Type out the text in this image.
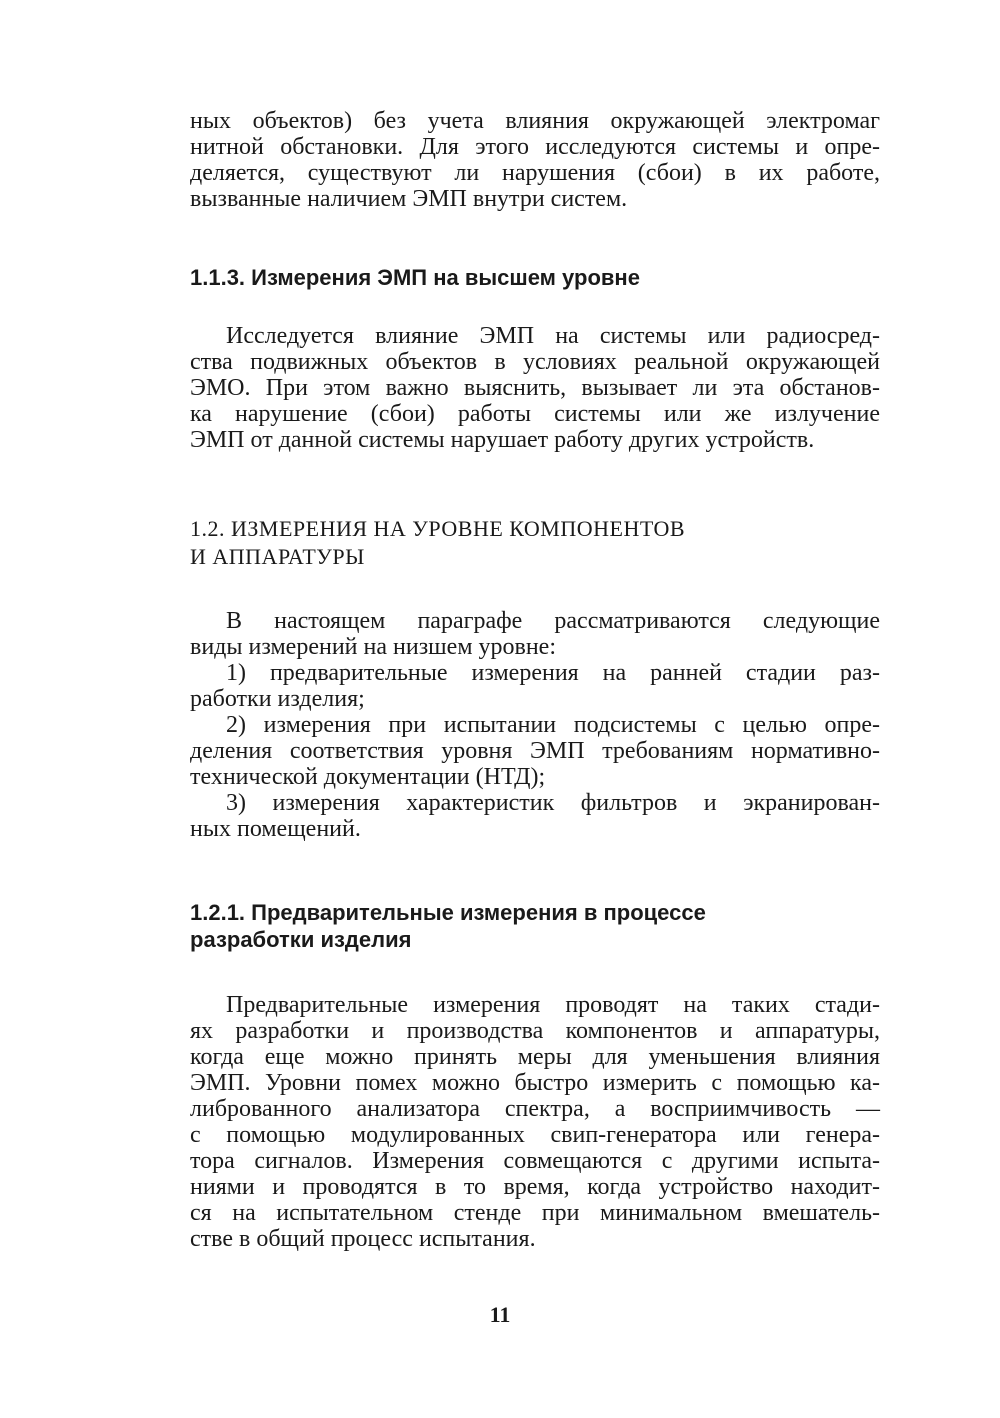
ных объектов) без учета влияния окружающей электромаг
нитной обстановки. Для этого исследуются системы и опре-
деляется, существуют ли нарушения (сбои) в их работе,
вызванные наличием ЭМП внутри систем.
1.1.3. Измерения ЭМП на высшем уровне
Исследуется влияние ЭМП на системы или радиосред-
ства подвижных объектов в условиях реальной окружающей
ЭМО. При этом важно выяснить, вызывает ли эта обстанов-
ка нарушение (сбои) работы системы или же излучение
ЭМП от данной системы нарушает работу других устройств.
1.2. ИЗМЕРЕНИЯ НА УРОВНЕ КОМПОНЕНТОВ
И АППАРАТУРЫ
В настоящем параграфе рассматриваются следующие
виды измерений на низшем уровне:
1) предварительные измерения на ранней стадии раз-
работки изделия;
2) измерения при испытании подсистемы с целью опре-
деления соответствия уровня ЭМП требованиям нормативно-
технической документации (НТД);
3) измерения характеристик фильтров и экранирован-
ных помещений.
1.2.1. Предварительные измерения в процессе
разработки изделия
Предварительные измерения проводят на таких стади-
ях разработки и производства компонентов и аппаратуры,
когда еще можно принять меры для уменьшения влияния
ЭМП. Уровни помех можно быстро измерить с помощью ка-
либрованного анализатора спектра, а восприимчивость —
с помощью модулированных свип-генератора или генера-
тора сигналов. Измерения совмещаются с другими испыта-
ниями и проводятся в то время, когда устройство находит-
ся на испытательном стенде при минимальном вмешатель-
стве в общий процесс испытания.
11
